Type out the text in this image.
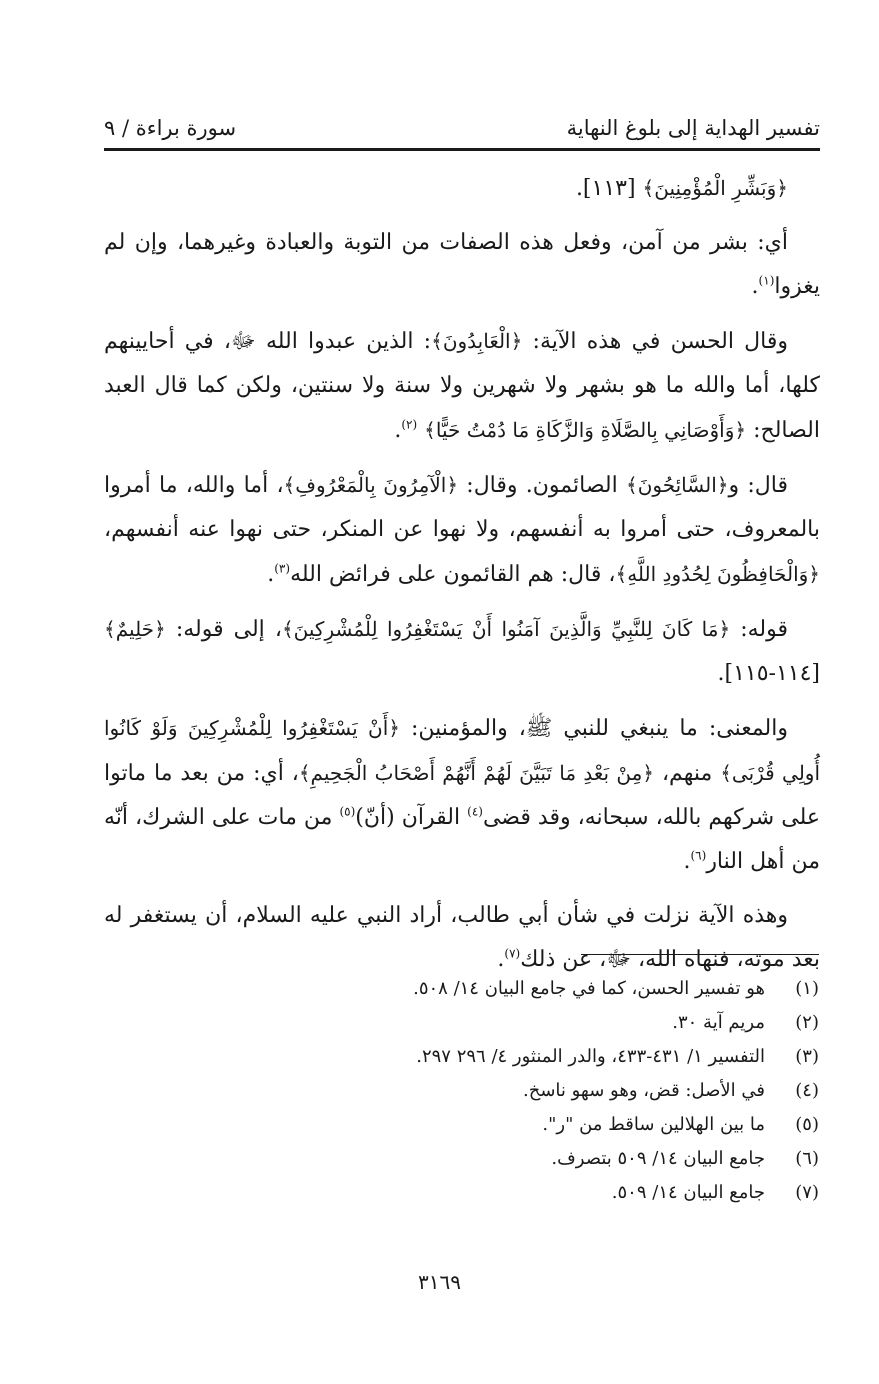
تفسير الهداية إلى بلوغ النهاية
سورة براءة / ٩

﴿وَبَشِّرِ الْمُؤْمِنِينَ﴾ [١١٣].

أي: بشر من آمن، وفعل هذه الصفات من التوبة والعبادة وغيرهما، وإن لم يغزوا$^{(١)}$.

وقال الحسن في هذه الآية: ﴿الْعَابِدُونَ﴾: الذين عبدوا الله ﷻ، في أحايينهم كلها، أما والله ما هو بشهر ولا شهرين ولا سنة ولا سنتين، ولكن كما قال العبد الصالح: ﴿وَأَوْصَانِي بِالصَّلَاةِ وَالزَّكَاةِ مَا دُمْتُ حَيًّا﴾ $^{(٢)}$.

قال: و﴿السَّائِحُونَ﴾ الصائمون. وقال: ﴿الْآمِرُونَ بِالْمَعْرُوفِ﴾، أما والله، ما أمروا بالمعروف، حتى أمروا به أنفسهم، ولا نهوا عن المنكر، حتى نهوا عنه أنفسهم، ﴿وَالْحَافِظُونَ لِحُدُودِ اللَّهِ﴾، قال: هم القائمون على فرائض الله$^{(٣)}$.

قوله: ﴿مَا كَانَ لِلنَّبِيِّ وَالَّذِينَ آمَنُوا أَنْ يَسْتَغْفِرُوا لِلْمُشْرِكِينَ﴾، إلى قوله: ﴿حَلِيمٌ﴾ [١١٤-١١٥].

والمعنى: ما ينبغي للنبي ﷺ، والمؤمنين: ﴿أَنْ يَسْتَغْفِرُوا لِلْمُشْرِكِينَ وَلَوْ كَانُوا أُولِي قُرْبَى﴾ منهم، ﴿مِنْ بَعْدِ مَا تَبَيَّنَ لَهُمْ أَنَّهُمْ أَصْحَابُ الْجَحِيمِ﴾، أي: من بعد ما ماتوا على شركهم بالله، سبحانه، وقد قضى$^{(٤)}$ القرآن (أنّ)$^{(٥)}$ من مات على الشرك، أنّه من أهل النار$^{(٦)}$.

وهذه الآية نزلت في شأن أبي طالب، أراد النبي عليه السلام، أن يستغفر له بعد موته، فنهاه الله، ﷻ، عن ذلك$^{(٧)}$.

(١)
هو تفسير الحسن، كما في جامع البيان ١٤/ ٥٠٨.
(٢)
مريم آية ٣٠.
(٣)
التفسير ١/ ٤٣١-٤٣٣، والدر المنثور ٤/ ٢٩٦ ٢٩٧.
(٤)
في الأصل: قض، وهو سهو ناسخ.
(٥)
ما بين الهلالين ساقط من "ر".
(٦)
جامع البيان ١٤/ ٥٠٩ بتصرف.
(٧)
جامع البيان ١٤/ ٥٠٩.
٣١٦٩
